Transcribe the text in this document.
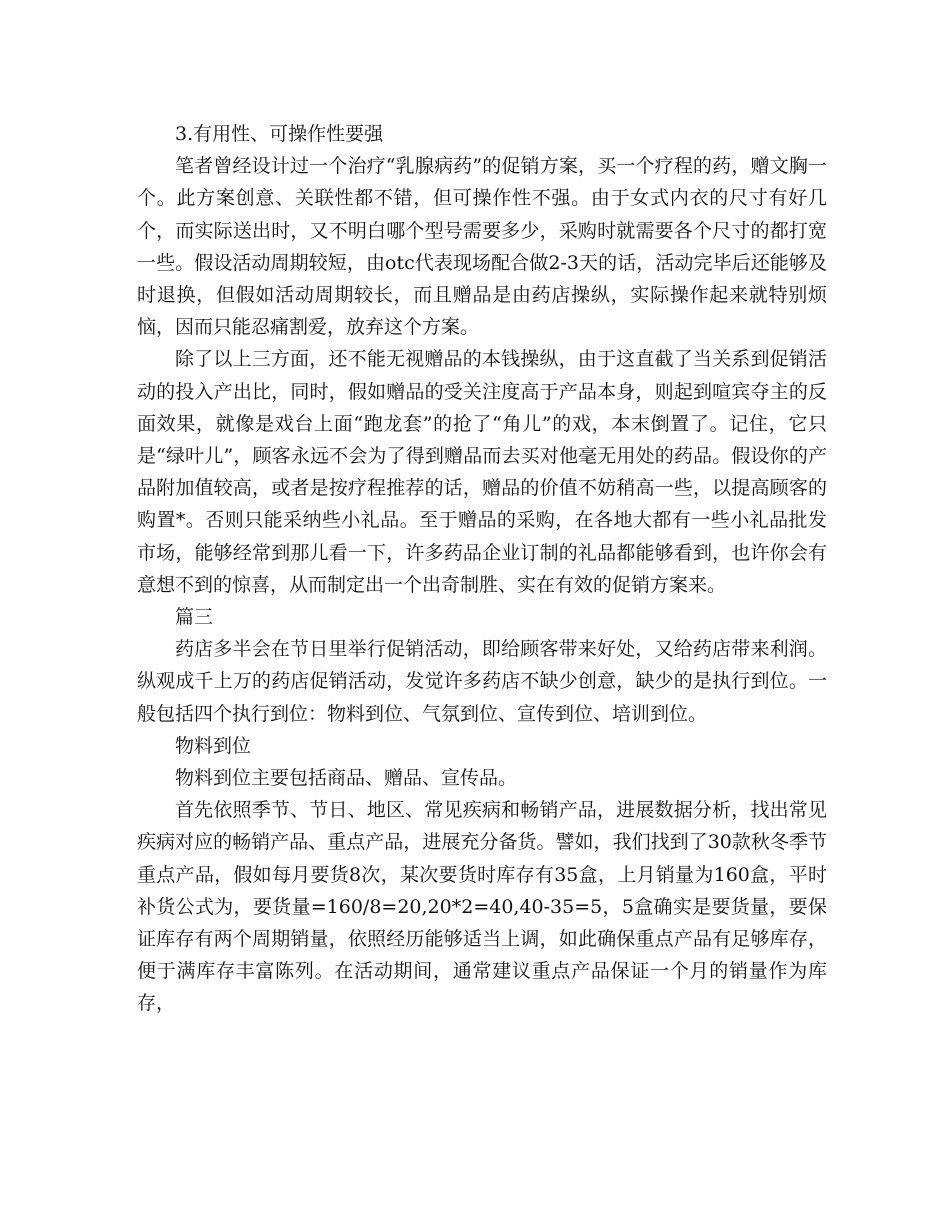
3.有用性、可操作性要强

笔者曾经设计过一个治疗“乳腺病药”的促销方案，买一个疗程的药，赠文胸一个。此方案创意、关联性都不错，但可操作性不强。由于女式内衣的尺寸有好几个，而实际送出时，又不明白哪个型号需要多少，采购时就需要各个尺寸的都打宽一些。假设活动周期较短，由otc代表现场配合做2-3天的话，活动完毕后还能够及时退换，但假如活动周期较长，而且赠品是由药店操纵，实际操作起来就特别烦恼，因而只能忍痛割爱，放弃这个方案。

除了以上三方面，还不能无视赠品的本钱操纵，由于这直截了当关系到促销活动的投入产出比，同时，假如赠品的受关注度高于产品本身，则起到喧宾夺主的反面效果，就像是戏台上面“跑龙套”的抢了“角儿”的戏，本末倒置了。记住，它只是“绿叶儿”，顾客永远不会为了得到赠品而去买对他毫无用处的药品。假设你的产品附加值较高，或者是按疗程推荐的话，赠品的价值不妨稍高一些，以提高顾客的购置*。否则只能采纳些小礼品。至于赠品的采购，在各地大都有一些小礼品批发市场，能够经常到那儿看一下，许多药品企业订制的礼品都能够看到，也许你会有意想不到的惊喜，从而制定出一个出奇制胜、实在有效的促销方案来。

篇三

药店多半会在节日里举行促销活动，即给顾客带来好处，又给药店带来利润。纵观成千上万的药店促销活动，发觉许多药店不缺少创意，缺少的是执行到位。一般包括四个执行到位：物料到位、气氛到位、宣传到位、培训到位。

物料到位

物料到位主要包括商品、赠品、宣传品。

首先依照季节、节日、地区、常见疾病和畅销产品，进展数据分析，找出常见疾病对应的畅销产品、重点产品，进展充分备货。譬如，我们找到了30款秋冬季节重点产品，假如每月要货8次，某次要货时库存有35盒，上月销量为160盒，平时补货公式为，要货量=160/8=20,20*2=40,40-35=5，5盒确实是要货量，要保证库存有两个周期销量，依照经历能够适当上调，如此确保重点产品有足够库存，便于满库存丰富陈列。在活动期间，通常建议重点产品保证一个月的销量作为库存，
